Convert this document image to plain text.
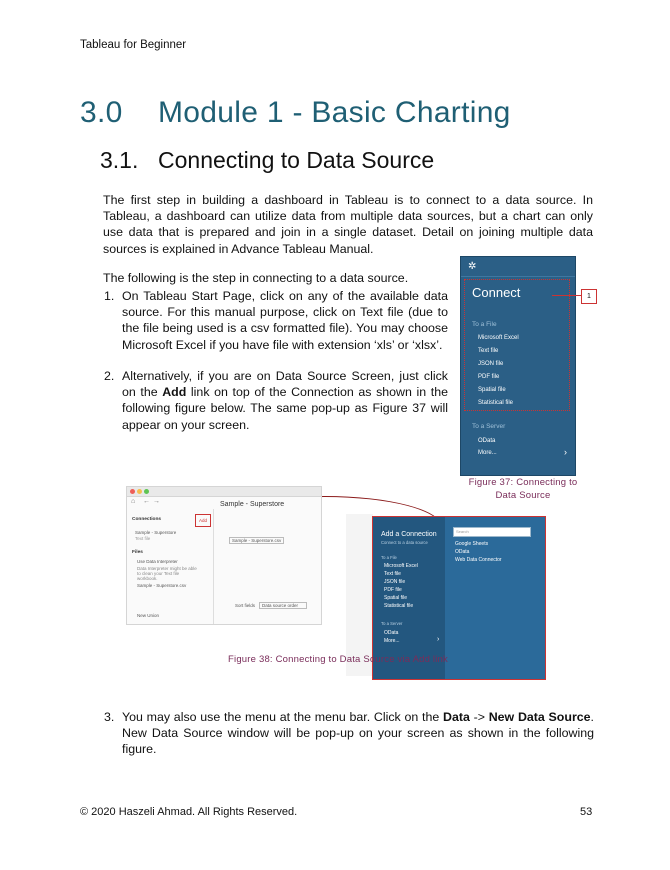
Tableau for Beginner
3.0 Module 1 - Basic Charting
3.1. Connecting to Data Source
The first step in building a dashboard in Tableau is to connect to a data source. In Tableau, a dashboard can utilize data from multiple data sources, but a chart can only use data that is prepared and join in a single dataset. Detail on joining multiple data sources is explained in Advance Tableau Manual.
The following is the step in connecting to a data source.
1. On Tableau Start Page, click on any of the available data source. For this manual purpose, click on Text file (due to the file being used is a csv formatted file). You may choose Microsoft Excel if you have file with extension ‘xls’ or ‘xlsx’.
2. Alternatively, if you are on Data Source Screen, just click on the Add link on top of the Connection as shown in the following figure below. The same pop-up as Figure 37 will appear on your screen.
✲
Connect
To a File
Microsoft Excel
Text file
JSON file
PDF file
Spatial file
Statistical file
To a Server
OData
More...	›
1
Figure 37: Connecting to
Data Source
⌂ ← →	Sample - Superstore
Connections	Add
Sample - Superstore
Text file
Files
Use Data Interpreter
Data Interpreter might be able to clean your Text file workbook.
Sample - Superstore.csv
New Union
Sample - Superstore.csv
Sort fields	Data source order
Add a Connection
Connect to a data source
To a File
Microsoft Excel
Text file
JSON file
PDF file
Spatial file
Statistical file
To a Server
OData
More...	›
Search
Google Sheets
OData
Web Data Connector
Figure 38: Connecting to Data Source via Add link
3. You may also use the menu at the menu bar. Click on the Data -> New Data Source. New Data Source window will be pop-up on your screen as shown in the following figure.
© 2020 Haszeli Ahmad. All Rights Reserved.	53
